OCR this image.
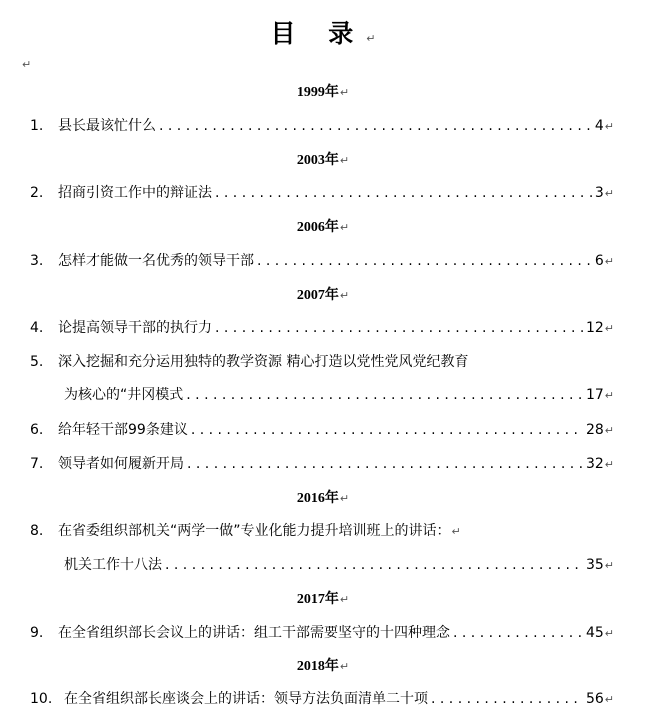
目 录↵
↵
1999年↵
1.	县长最该忙什么 . . .	4↵
2003年↵
2.	招商引资工作中的辩证法 . . .	3↵
2006年↵
3.	怎样才能做一名优秀的领导干部 . . .	6↵
2007年↵
4.	论提高领导干部的执行力 . . .	12↵
5.	深入挖掘和充分运用独特的教学资源 精心打造以党性党风党纪教育
为核心的“井冈模式 . . .	17↵
6.	给年轻干部99条建议 . . .	28↵
7.	领导者如何履新开局 . . .	32↵
2016年↵
8.	在省委组织部机关“两学一做”专业化能力提升培训班上的讲话： ↵
机关工作十八法 . . .	35↵
2017年↵
9.	在全省组织部长会议上的讲话：组工干部需要坚守的十四种理念 . . .	45↵
2018年↵
10. 在全省组织部长座谈会上的讲话：领导方法负面清单二十项 . . .	56↵
